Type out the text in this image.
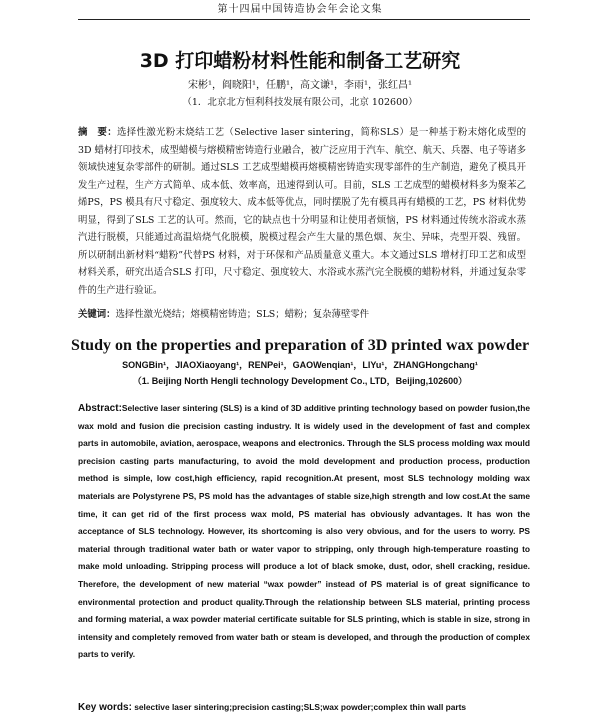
第十四届中国铸造协会年会论文集
3D 打印蜡粉材料性能和制备工艺研究
宋彬¹，阎晓阳¹，任鹏¹，高文谦¹，李雨¹，张红昌¹
（1．北京北方恒利科技发展有限公司，北京 102600）

摘　要：选择性激光粉末烧结工艺（Selective laser sintering，简称SLS）是一种基于粉末熔化成型的3D 蜡材打印技术，成型蜡模与熔模精密铸造行业融合，被广泛应用于汽车、航空、航天、兵器、电子等诸多领域快速复杂零部件的研制。通过SLS 工艺成型蜡模再熔模精密铸造实现零部件的生产制造，避免了模具开发生产过程，生产方式简单、成本低、效率高，迅速得到认可。目前，SLS 工艺成型的蜡模材料多为聚苯乙烯PS，PS 模具有尺寸稳定、强度较大、成本低等优点，同时摆脱了先有模具再有蜡模的工艺，PS 材料优势明显，得到了SLS 工艺的认可。然而，它的缺点也十分明显和让使用者烦恼，PS 材料通过传统水浴或水蒸汽进行脱模，只能通过高温焙烧气化脱模，脱模过程会产生大量的黑色烟、灰尘、异味，壳型开裂、残留。所以研制出新材料“蜡粉”代替PS 材料，对于环保和产品质量意义重大。本文通过SLS 增材打印工艺和成型材料关系，研究出适合SLS 打印，尺寸稳定、强度较大、水浴或水蒸汽完全脱模的蜡粉材料，并通过复杂零件的生产进行验证。

关键词：选择性激光烧结；熔模精密铸造；SLS；蜡粉；复杂薄壁零件

Study on the properties and preparation of 3D printed wax powder
SONGBin¹，JIAOXiaoyang¹，RENPei¹，GAOWenqian¹，LIYu¹，ZHANGHongchang¹
（1. Beijing North Hengli technology Development Co., LTD，Beijing,102600）

Abstract:Selective laser sintering (SLS) is a kind of 3D additive printing technology based on powder fusion,the wax mold and fusion die precision casting industry. It is widely used in the development of fast and complex parts in automobile, aviation, aerospace, weapons and electronics. Through the SLS process molding wax mould precision casting parts manufacturing, to avoid the mold development and production process, production method is simple, low cost,high efficiency, rapid recognition.At present, most SLS technology molding wax materials are Polystyrene PS, PS mold has the advantages of stable size,high strength and low cost.At the same time, it can get rid of the first process wax mold, PS material has obviously advantages. It has won the acceptance of SLS technology. However, its shortcoming is also very obvious, and for the users to worry. PS material through traditional water bath or water vapor to stripping, only through high-temperature roasting to make mold unloading. Stripping process will produce a lot of black smoke, dust, odor, shell cracking, residue. Therefore, the development of new material “wax powder” instead of PS material is of great significance to environmental protection and product quality.Through the relationship between SLS material, printing process and forming material, a wax powder material certificate suitable for SLS printing, which is stable in size, strong in intensity and completely removed from water bath or steam is developed, and through the production of complex parts to verify.

Key words: selective laser sintering;precision casting;SLS;wax powder;complex thin wall parts
